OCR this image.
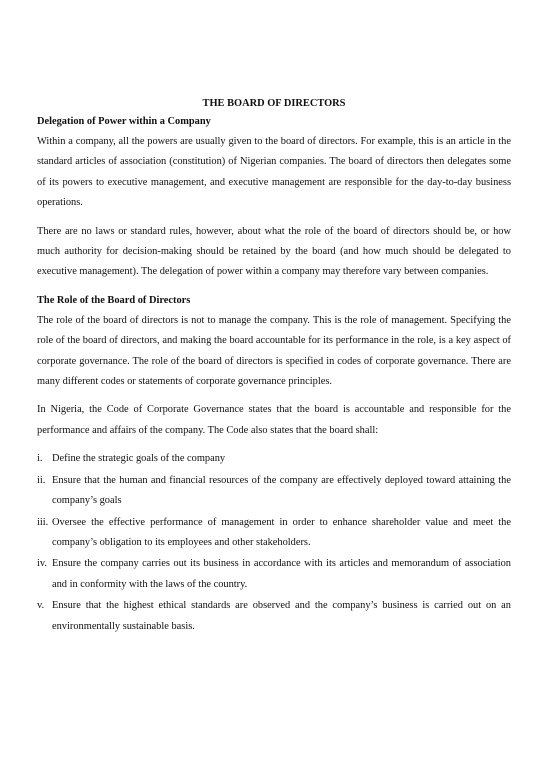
THE BOARD OF DIRECTORS

Delegation of Power within a Company

Within a company, all the powers are usually given to the board of directors. For example, this is an article in the standard articles of association (constitution) of Nigerian companies. The board of directors then delegates some of its powers to executive management, and executive management are responsible for the day-to-day business operations.

There are no laws or standard rules, however, about what the role of the board of directors should be, or how much authority for decision-making should be retained by the board (and how much should be delegated to executive management). The delegation of power within a company may therefore vary between companies.

The Role of the Board of Directors

The role of the board of directors is not to manage the company. This is the role of management. Specifying the role of the board of directors, and making the board accountable for its performance in the role, is a key aspect of corporate governance. The role of the board of directors is specified in codes of corporate governance. There are many different codes or statements of corporate governance principles.

In Nigeria, the Code of Corporate Governance states that the board is accountable and responsible for the performance and affairs of the company. The Code also states that the board shall:

i. Define the strategic goals of the company
ii. Ensure that the human and financial resources of the company are effectively deployed toward attaining the company’s goals
iii. Oversee the effective performance of management in order to enhance shareholder value and meet the company’s obligation to its employees and other stakeholders.
iv. Ensure the company carries out its business in accordance with its articles and memorandum of association and in conformity with the laws of the country.
v. Ensure that the highest ethical standards are observed and the company’s business is carried out on an environmentally sustainable basis.
